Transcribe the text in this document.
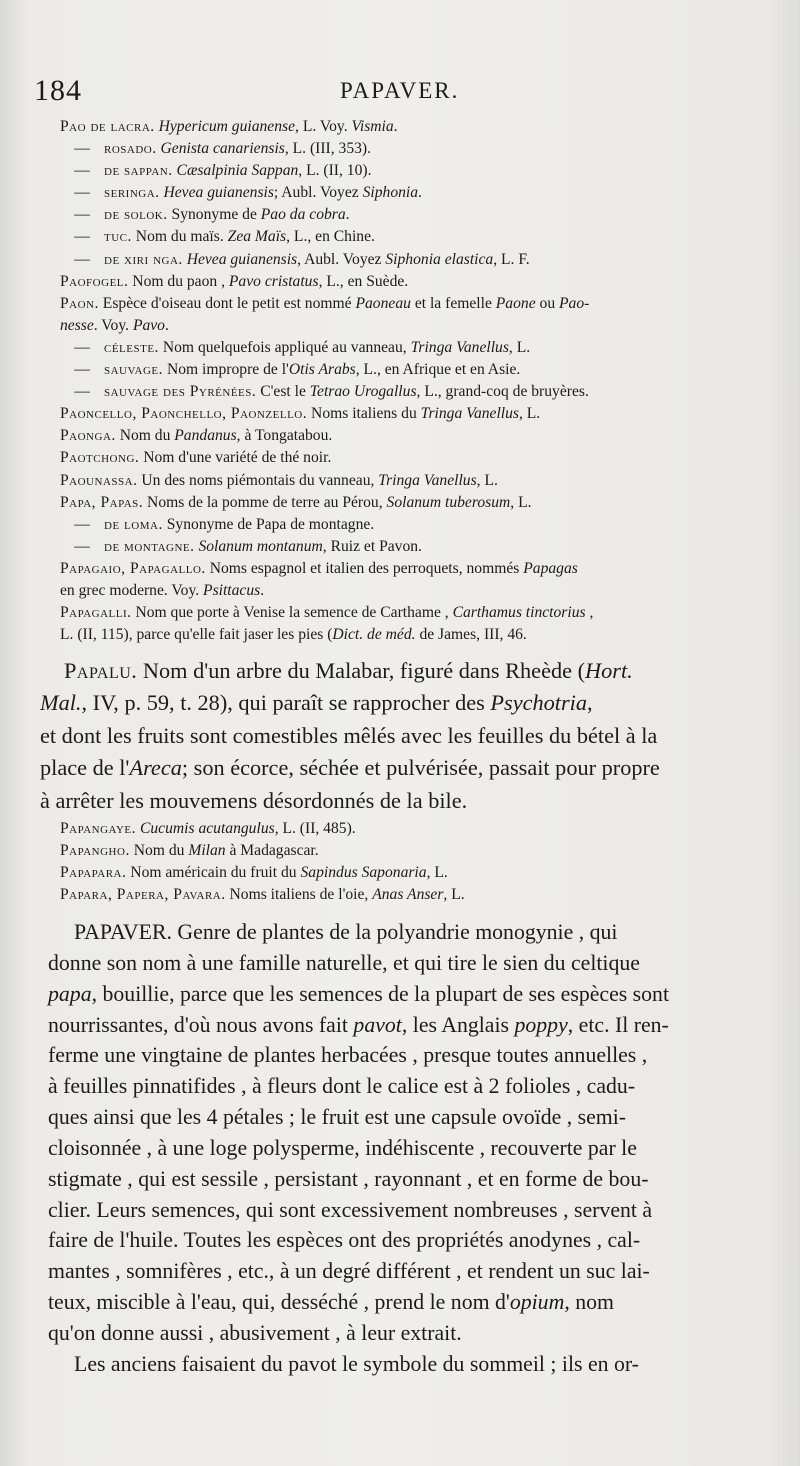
184	PAPAVER.
Pao de lacra. Hypericum guianense, L. Voy. Vismia.
— rosado. Genista canariensis, L. (III, 353).
— de sappan. Cæsalpinia Sappan, L. (II, 10).
— seringa. Hevea guianensis; Aubl. Voyez Siphonia.
— de solok. Synonyme de Pao da cobra.
— tuc. Nom du maïs. Zea Maïs, L., en Chine.
— de xiri nga. Hevea guianensis, Aubl. Voyez Siphonia elastica, L. F.
Paofogel. Nom du paon , Pavo cristatus, L., en Suède.
Paon. Espèce d'oiseau dont le petit est nommé Paoneau et la femelle Paone ou Pao-
nesse. Voy. Pavo.
— céleste. Nom quelquefois appliqué au vanneau, Tringa Vanellus, L.
— sauvage. Nom impropre de l'Otis Arabs, L., en Afrique et en Asie.
— sauvage des Pyrénées. C'est le Tetrao Urogallus, L., grand-coq de bruyères.
Paoncello, Paonchello, Paonzello. Noms italiens du Tringa Vanellus, L.
Paonga. Nom du Pandanus, à Tongatabou.
Paotchong. Nom d'une variété de thé noir.
Paounassa. Un des noms piémontais du vanneau, Tringa Vanellus, L.
Papa, Papas. Noms de la pomme de terre au Pérou, Solanum tuberosum, L.
— de loma. Synonyme de Papa de montagne.
— de montagne. Solanum montanum, Ruiz et Pavon.
Papagaio, Papagallo. Noms espagnol et italien des perroquets, nommés Papagas
en grec moderne. Voy. Psittacus.
Papagalli. Nom que porte à Venise la semence de Carthame , Carthamus tinctorius ,
L. (II, 115), parce qu'elle fait jaser les pies (Dict. de méd. de James, III, 46.
Papalu. Nom d'un arbre du Malabar, figuré dans Rheède (Hort.
Mal., IV, p. 59, t. 28), qui paraît se rapprocher des Psychotria,
et dont les fruits sont comestibles mêlés avec les feuilles du bétel à la
place de l'Areca; son écorce, séchée et pulvérisée, passait pour propre
à arrêter les mouvemens désordonnés de la bile.
Papangaye. Cucumis acutangulus, L. (II, 485).
Papangho. Nom du Milan à Madagascar.
Papapara. Nom américain du fruit du Sapindus Saponaria, L.
Papara, Papera, Pavara. Noms italiens de l'oie, Anas Anser, L.
PAPAVER. Genre de plantes de la polyandrie monogynie , qui
donne son nom à une famille naturelle, et qui tire le sien du celtique
papa, bouillie, parce que les semences de la plupart de ses espèces sont
nourrissantes, d'où nous avons fait pavot, les Anglais poppy, etc. Il ren-
ferme une vingtaine de plantes herbacées , presque toutes annuelles ,
à feuilles pinnatifides , à fleurs dont le calice est à 2 folioles , cadu-
ques ainsi que les 4 pétales ; le fruit est une capsule ovoïde , semi-
cloisonnée , à une loge polysperme, indéhiscente , recouverte par le
stigmate , qui est sessile , persistant , rayonnant , et en forme de bou-
clier. Leurs semences, qui sont excessivement nombreuses , servent à
faire de l'huile. Toutes les espèces ont des propriétés anodynes , cal-
mantes , somnifères , etc., à un degré différent , et rendent un suc lai-
teux, miscible à l'eau, qui, desséché , prend le nom d'opium, nom
qu'on donne aussi , abusivement , à leur extrait.
Les anciens faisaient du pavot le symbole du sommeil ; ils en or-
